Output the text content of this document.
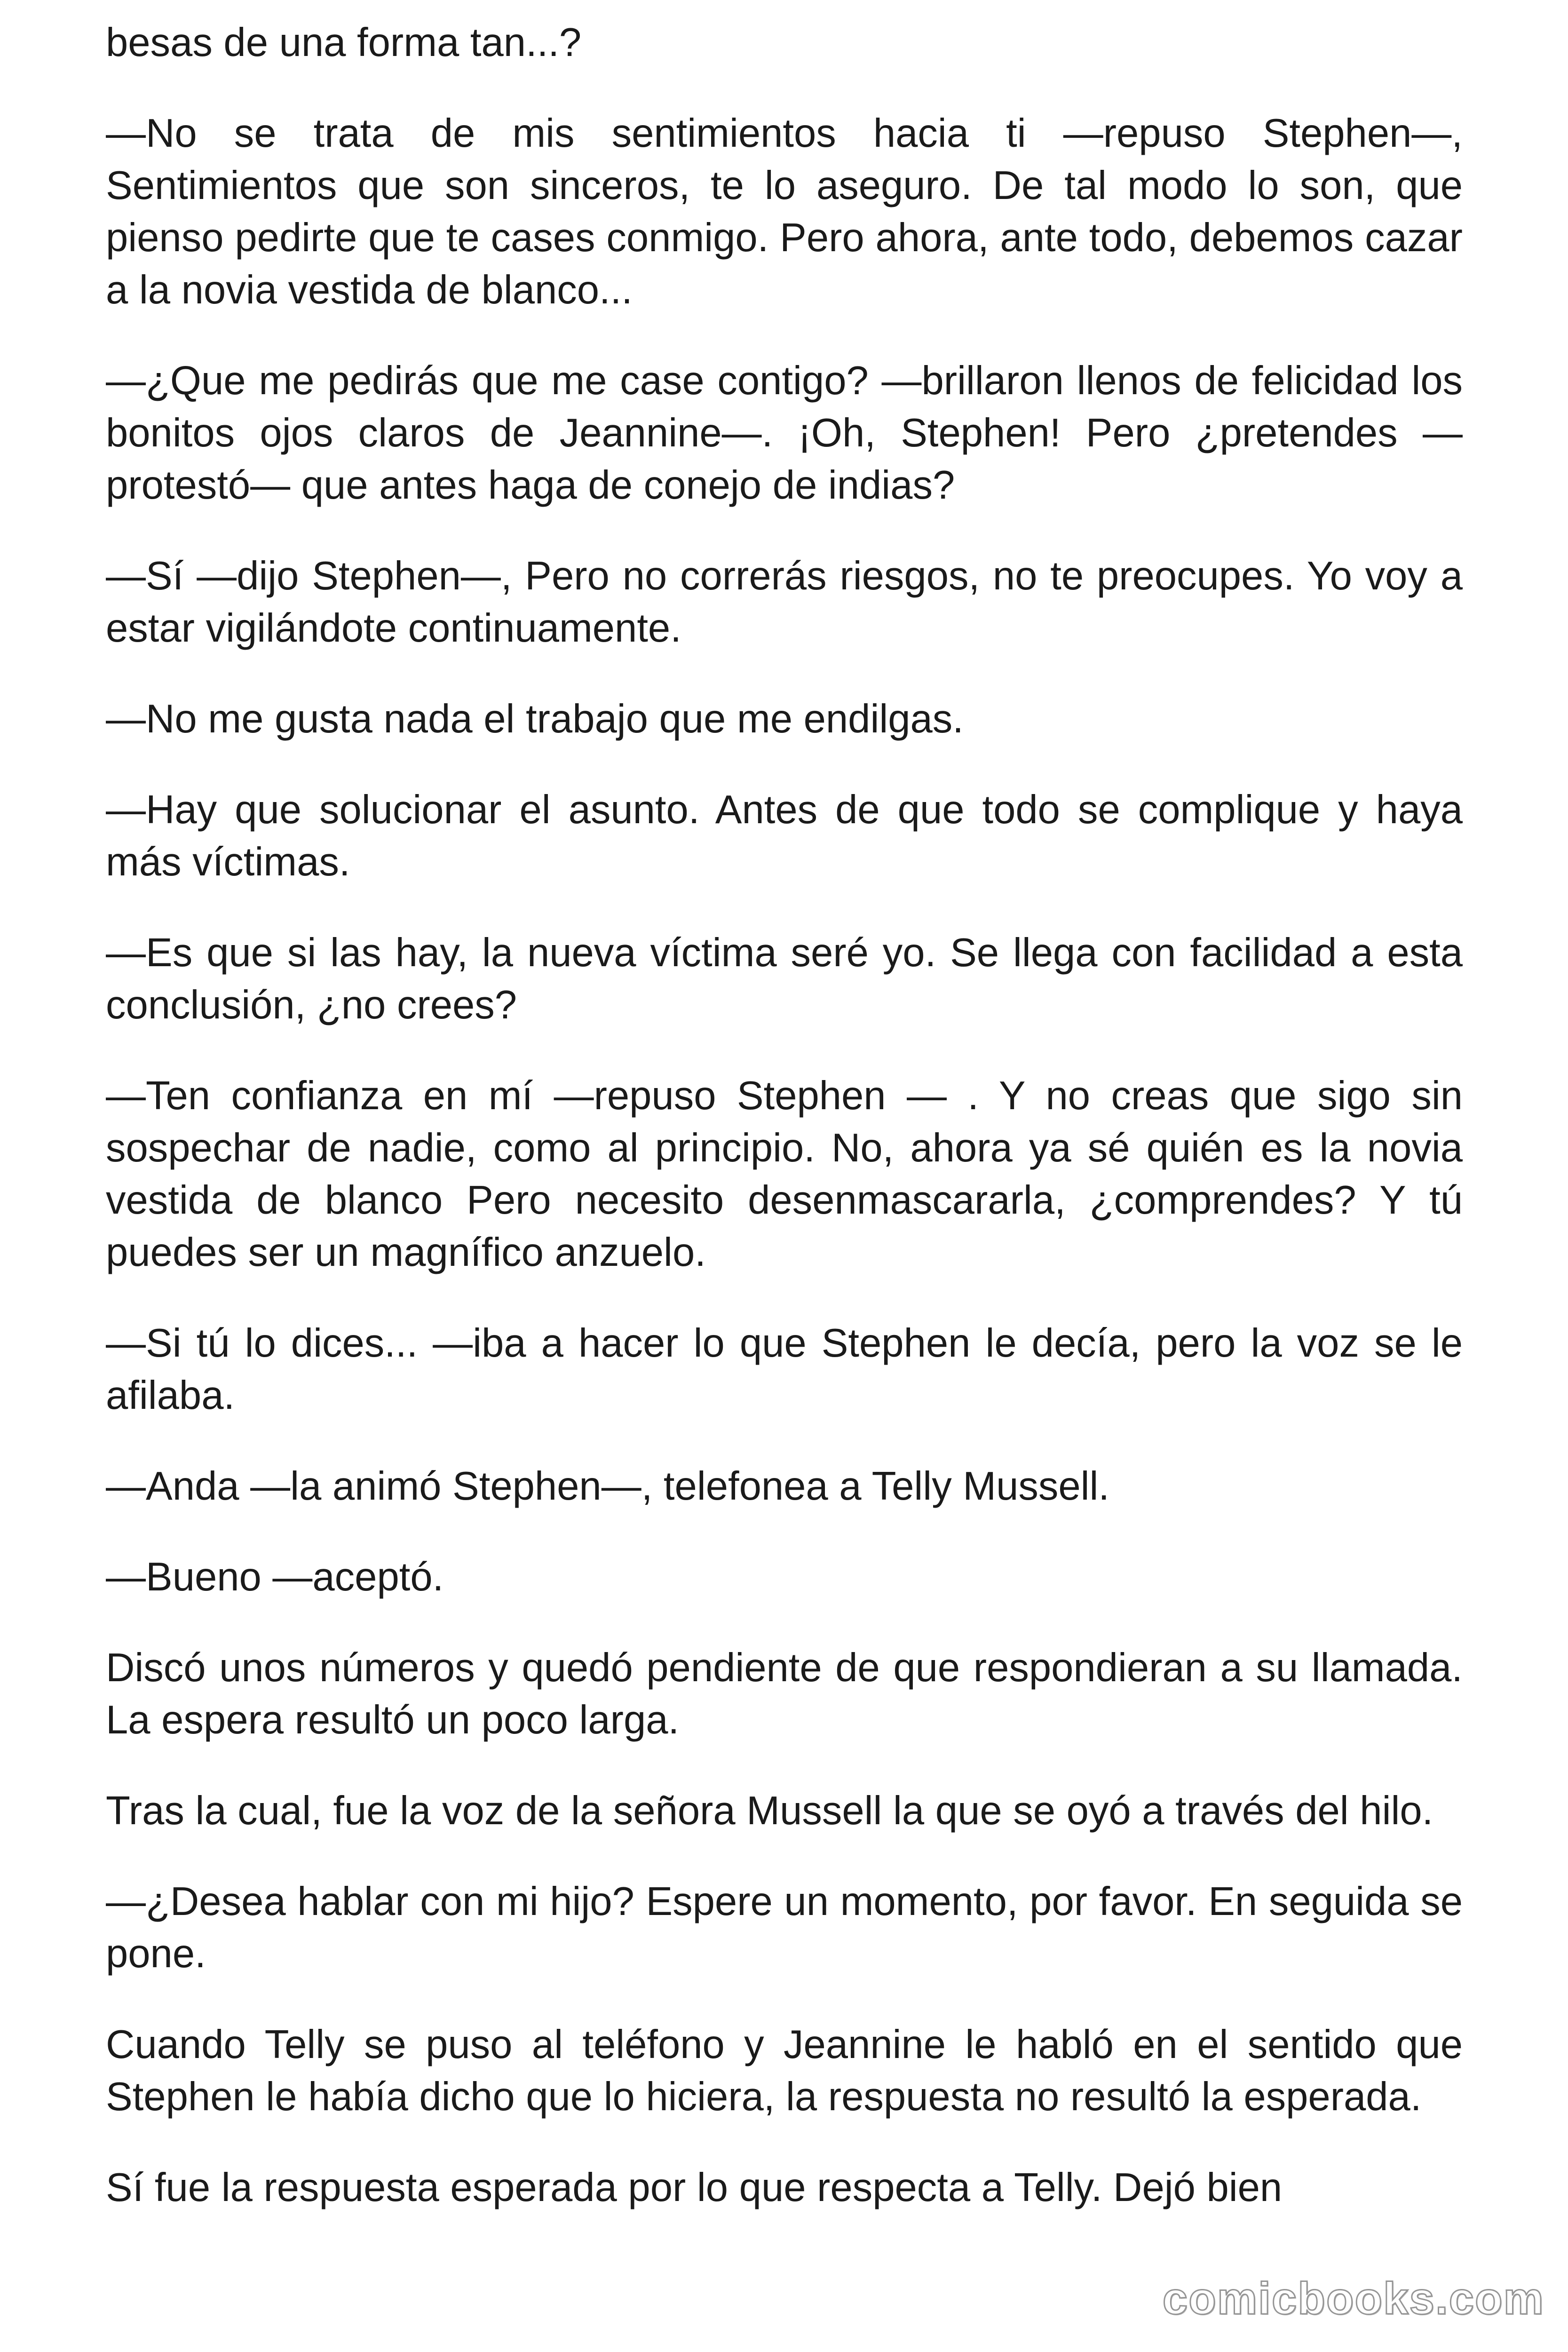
besas de una forma tan...?

—No se trata de mis sentimientos hacia ti —repuso Stephen—, Sentimientos que son sinceros, te lo aseguro. De tal modo lo son, que pienso pedirte que te cases conmigo. Pero ahora, ante todo, debemos cazar a la novia vestida de blanco...

—¿Que me pedirás que me case contigo? —brillaron llenos de felicidad los bonitos ojos claros de Jeannine—. ¡Oh, Stephen! Pero ¿pretendes —protestó— que antes haga de conejo de indias?

—Sí —dijo Stephen—, Pero no correrás riesgos, no te preocupes. Yo voy a estar vigilándote continuamente.

—No me gusta nada el trabajo que me endilgas.

—Hay que solucionar el asunto. Antes de que todo se complique y haya más víctimas.

—Es que si las hay, la nueva víctima seré yo. Se llega con facilidad a esta conclusión, ¿no crees?

—Ten confianza en mí —repuso Stephen — . Y no creas que sigo sin sospechar de nadie, como al principio. No, ahora ya sé quién es la novia vestida de blanco Pero necesito desenmascararla, ¿comprendes? Y tú puedes ser un magnífico anzuelo.

—Si tú lo dices... —iba a hacer lo que Stephen le decía, pero la voz se le afilaba.

—Anda —la animó Stephen—, telefonea a Telly Mussell.

—Bueno —aceptó.

Discó unos números y quedó pendiente de que respondieran a su llamada. La espera resultó un poco larga.

Tras la cual, fue la voz de la señora Mussell la que se oyó a través del hilo.

—¿Desea hablar con mi hijo? Espere un momento, por favor. En seguida se pone.

Cuando Telly se puso al teléfono y Jeannine le habló en el sentido que Stephen le había dicho que lo hiciera, la respuesta no resultó la esperada.

Sí fue la respuesta esperada por lo que respecta a Telly. Dejó bien

comicbooks.com
